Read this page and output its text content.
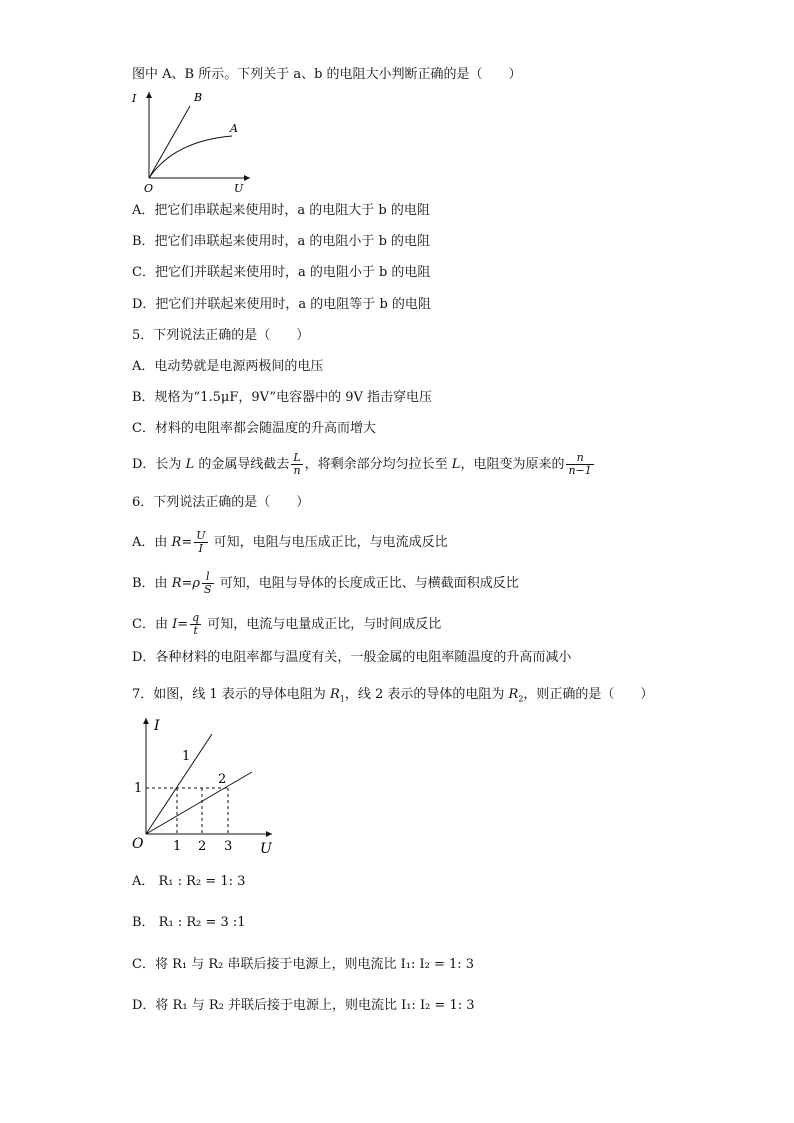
图中 A、B 所示。下列关于 a、b 的电阻大小判断正确的是（　　）
I
U
O
B
A
A．把它们串联起来使用时，a 的电阻大于 b 的电阻
B．把它们串联起来使用时，a 的电阻小于 b 的电阻
C．把它们并联起来使用时，a 的电阻小于 b 的电阻
D．把它们并联起来使用时，a 的电阻等于 b 的电阻
5．下列说法正确的是（　　）
A．电动势就是电源两极间的电压
B．规格为“1.5μF，9V”电容器中的 9V 指击穿电压
C．材料的电阻率都会随温度的升高而增大
D．长为 L 的金属导线截去 $\frac{L}{n}$ ，将剩余部分均匀拉长至 L，电阻变为原来的 $\frac{n}{n-1}$
6．下列说法正确的是（　　）
A．由 $R= \frac{U}{I}$ 可知，电阻与电压成正比，与电流成反比
B．由 $R=\rho \frac{l}{S}$ 可知，电阻与导体的长度成正比、与横截面积成反比
C．由 $I= \frac{q}{t}$ 可知，电流与电量成正比，与时间成反比
D．各种材料的电阻率都与温度有关，一般金属的电阻率随温度的升高而减小
7．如图，线 1 表示的导体电阻为 $R_1$，线 2 表示的导体的电阻为 $R_2$，则正确的是（　　）
I
U
O
1
2
1
1 2 3
A． R₁ : R₂ = 1: 3
B． R₁ : R₂ = 3 :1
C．将 R₁ 与 R₂ 串联后接于电源上，则电流比 I₁: I₂ = 1: 3
D．将 R₁ 与 R₂ 并联后接于电源上，则电流比 I₁: I₂ = 1: 3
